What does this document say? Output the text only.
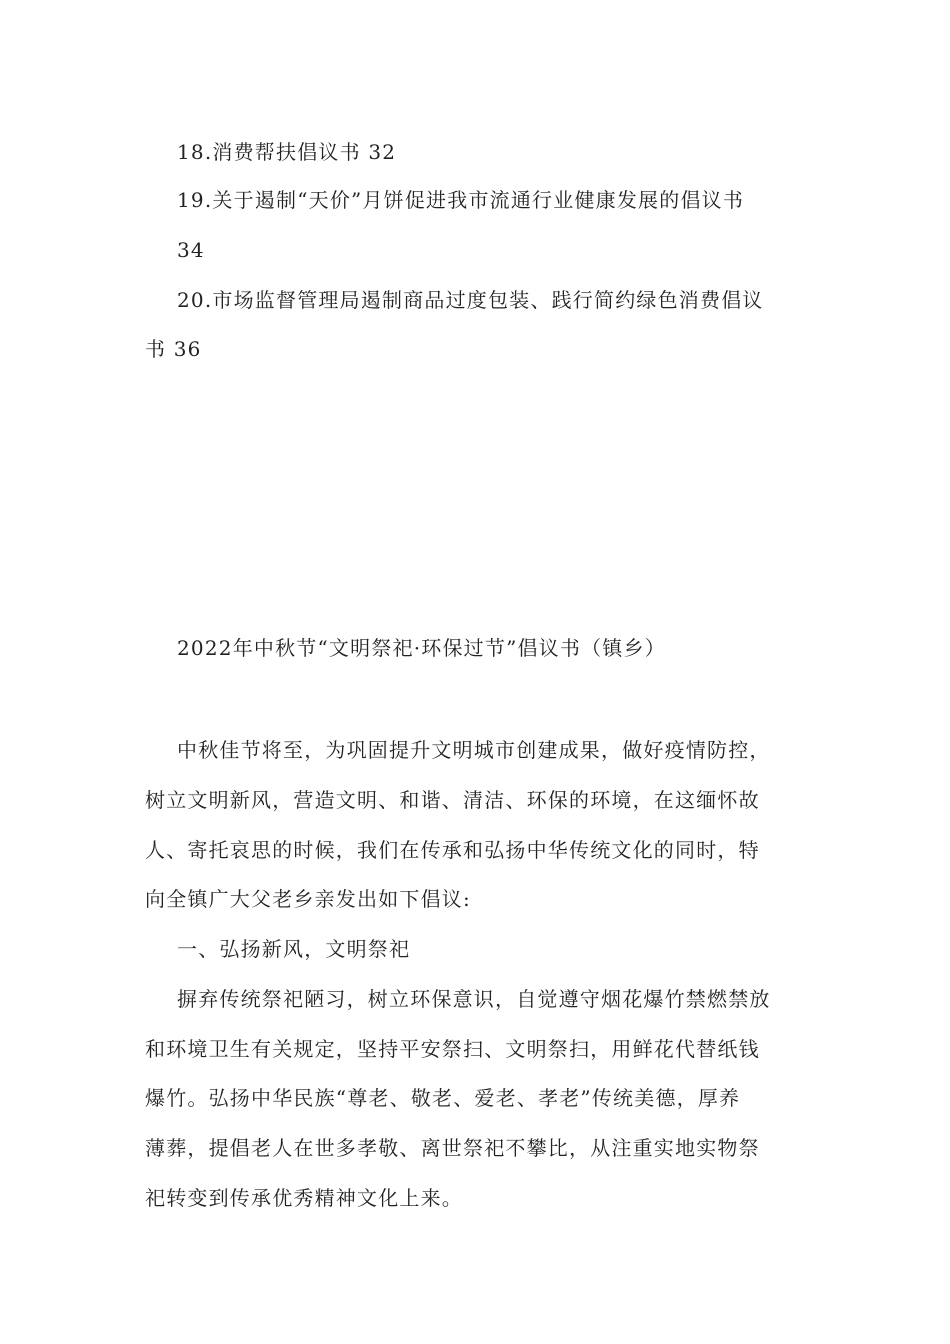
18.消费帮扶倡议书 32
19.关于遏制“天价”月饼促进我市流通行业健康发展的倡议书
34
20.市场监督管理局遏制商品过度包装、践行简约绿色消费倡议
书 36
2022年中秋节“文明祭祀·环保过节”倡议书（镇乡）
中秋佳节将至，为巩固提升文明城市创建成果，做好疫情防控，
树立文明新风，营造文明、和谐、清洁、环保的环境，在这缅怀故
人、寄托哀思的时候，我们在传承和弘扬中华传统文化的同时，特
向全镇广大父老乡亲发出如下倡议:
一、弘扬新风，文明祭祀
摒弃传统祭祀陋习，树立环保意识，自觉遵守烟花爆竹禁燃禁放
和环境卫生有关规定，坚持平安祭扫、文明祭扫，用鲜花代替纸钱
爆竹。弘扬中华民族“尊老、敬老、爱老、孝老”传统美德，厚养
薄葬，提倡老人在世多孝敬、离世祭祀不攀比，从注重实地实物祭
祀转变到传承优秀精神文化上来。
